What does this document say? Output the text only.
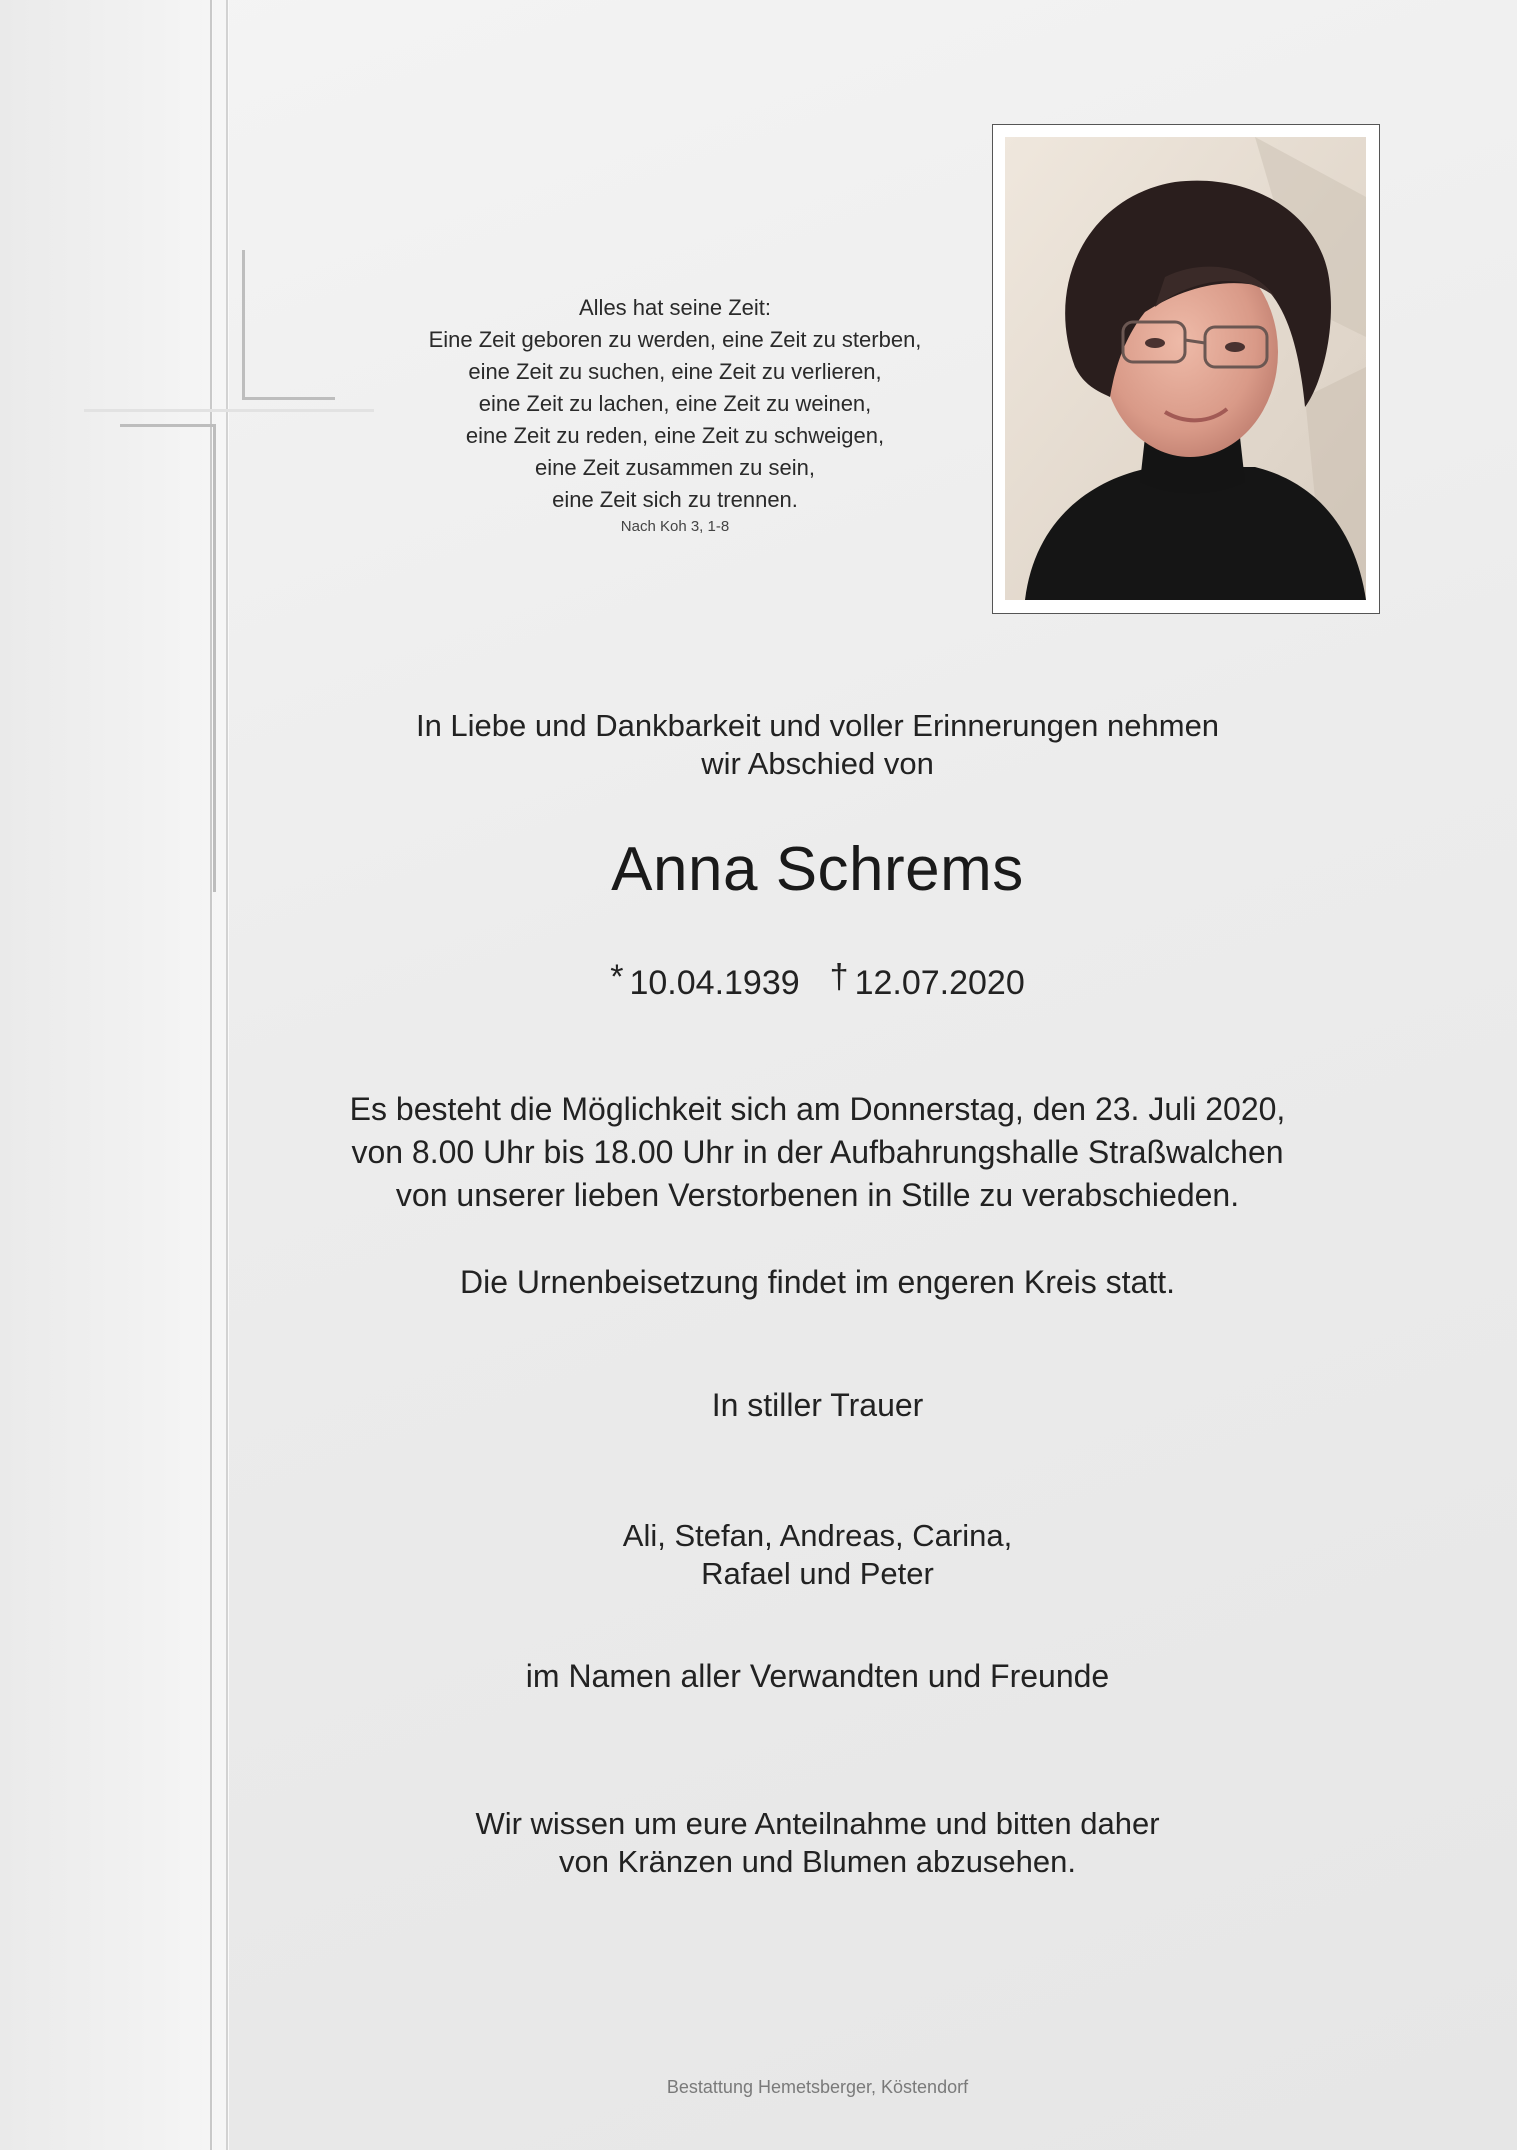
Alles hat seine Zeit:
Eine Zeit geboren zu werden, eine Zeit zu sterben,
eine Zeit zu suchen, eine Zeit zu verlieren,
eine Zeit zu lachen, eine Zeit zu weinen,
eine Zeit zu reden, eine Zeit zu schweigen,
eine Zeit zusammen zu sein,
eine Zeit sich zu trennen.
Nach Koh 3, 1-8
In Liebe und Dankbarkeit und voller Erinnerungen nehmen
wir Abschied von
Anna Schrems
* 10.04.1939 † 12.07.2020
Es besteht die Möglichkeit sich am Donnerstag, den 23. Juli 2020,
von 8.00 Uhr bis 18.00 Uhr in der Aufbahrungshalle Straßwalchen
von unserer lieben Verstorbenen in Stille zu verabschieden.
Die Urnenbeisetzung findet im engeren Kreis statt.
In stiller Trauer
Ali, Stefan, Andreas, Carina,
Rafael und Peter
im Namen aller Verwandten und Freunde
Wir wissen um eure Anteilnahme und bitten daher
von Kränzen und Blumen abzusehen.
Bestattung Hemetsberger, Köstendorf
